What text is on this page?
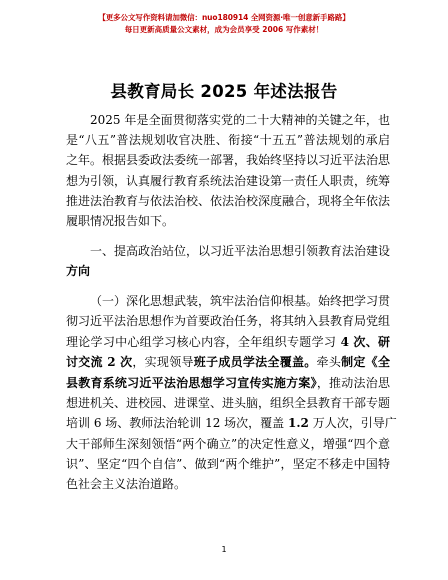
【更多公文写作资料请加微信：nuo180914 全网资源·唯一创意新手路路】
每日更新高质量公文素材，成为会员享受 2006 写作素材！
县教育局长 2025 年述法报告
2025 年是全面贯彻落实党的二十大精神的关键之年，也
是“八五”普法规划收官决胜、衔接“十五五”普法规划的承启
之年。根据县委政法委统一部署，我始终坚持以习近平法治思
想为引领，认真履行教育系统法治建设第一责任人职责，统筹
推进法治教育与依法治校、依法治校深度融合，现将全年依法
履职情况报告如下。
一、提高政治站位，以习近平法治思想引领教育法治建设
方向
（一）深化思想武装，筑牢法治信仰根基。始终把学习贯
彻习近平法治思想作为首要政治任务，将其纳入县教育局党组
理论学习中心组学习核心内容，全年组织专题学习 4 次、研
讨交流 2 次，实现领导班子成员学法全覆盖。牵头制定《全
县教育系统习近平法治思想学习宣传实施方案》，推动法治思
想进机关、进校园、进课堂、进头脑，组织全县教育干部专题
培训 6 场、教师法治轮训 12 场次，覆盖 1.2 万人次，引导广
大干部师生深刻领悟“两个确立”的决定性意义，增强“四个意
识”、坚定“四个自信”、做到“两个维护”，坚定不移走中国特
色社会主义法治道路。
1
